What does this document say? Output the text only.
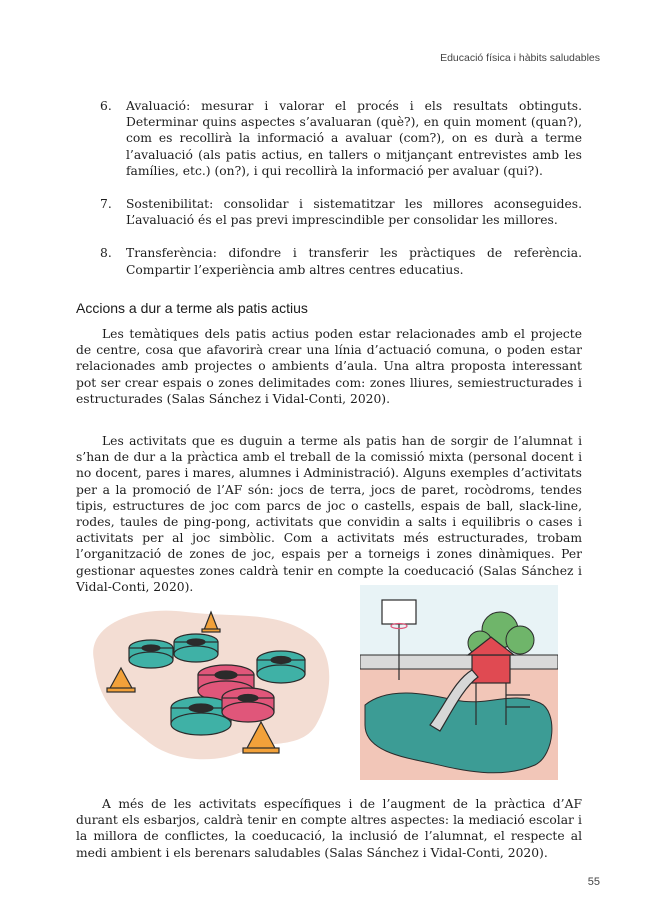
Educació física i hàbits saludables
6.	Avaluació: mesurar i valorar el procés i els resultats obtinguts. Determinar quins aspectes s’avaluaran (què?), en quin moment (quan?), com es recollirà la informació a avaluar (com?), on es durà a terme l’avaluació (als patis actius, en tallers o mitjançant entrevistes amb les famílies, etc.) (on?), i qui recollirà la informació per avaluar (qui?).
7.	Sostenibilitat: consolidar i sistematitzar les millores aconseguides. L’avaluació és el pas previ imprescindible per consolidar les millores.
8.	Transferència: difondre i transferir les pràctiques de referència. Compartir l’experiència amb altres centres educatius.
Accions a dur a terme als patis actius

Les temàtiques dels patis actius poden estar relacionades amb el projecte de centre, cosa que afavorirà crear una línia d’actuació comuna, o poden estar relacionades amb projectes o ambients d’aula. Una altra proposta interessant pot ser crear espais o zones delimitades com: zones lliures, semiestructurades i estructurades (Salas Sánchez i Vidal-Conti, 2020).

Les activitats que es duguin a terme als patis han de sorgir de l’alumnat i s’han de dur a la pràctica amb el treball de la comissió mixta (personal docent i no docent, pares i mares, alumnes i Administració). Alguns exemples d’activitats per a la promoció de l’AF són: jocs de terra, jocs de paret, rocòdroms, tendes tipis, estructures de joc com parcs de joc o castells, espais de ball, slack-line, rodes, taules de ping-pong, activitats que convidin a salts i equilibris o cases i activitats per al joc simbòlic. Com a activitats més estructurades, trobam l’organització de zones de joc, espais per a torneigs i zones dinàmiques. Per gestionar aquestes zones caldrà tenir en compte la coeducació (Salas Sánchez i Vidal-Conti, 2020).

A més de les activitats específiques i de l’augment de la pràctica d’AF durant els esbarjos, caldrà tenir en compte altres aspectes: la mediació escolar i la millora de conflictes, la coeducació, la inclusió de l’alumnat, el respecte al medi ambient i els berenars saludables (Salas Sánchez i Vidal-Conti, 2020).

55
